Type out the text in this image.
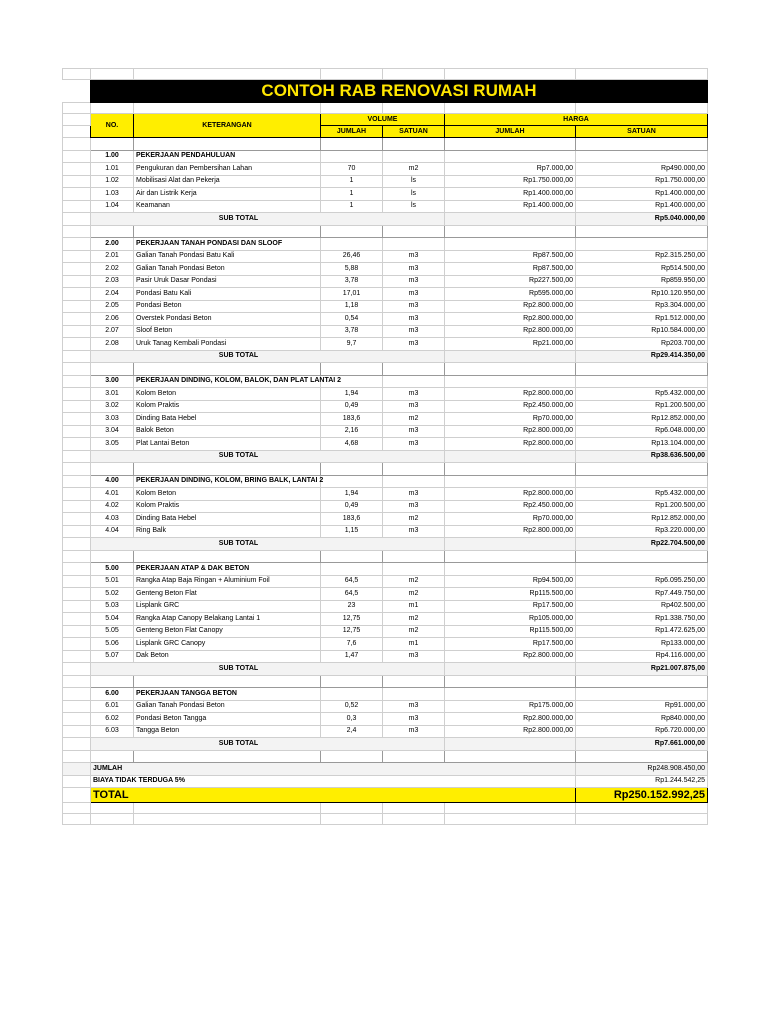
	CONTOH RAB RENOVASI RUMAH					

	NO.	KETERANGAN	VOLUME		HARGA	
			JUMLAH	SATUAN	JUMLAH	SATUAN

	1.00	PEKERJAAN PENDAHULUAN				
	1.01	Pengukuran dan Pembersihan Lahan	70	m2	Rp7.000,00	Rp490.000,00
	1.02	Mobilisasi Alat dan Pekerja	1	ls	Rp1.750.000,00	Rp1.750.000,00
	1.03	Air dan Listrik Kerja	1	ls	Rp1.400.000,00	Rp1.400.000,00
	1.04	Keamanan	1	ls	Rp1.400.000,00	Rp1.400.000,00
	SUB TOTAL					Rp5.040.000,00

	2.00	PEKERJAAN TANAH PONDASI DAN SLOOF				
	2.01	Galian Tanah Pondasi Batu Kali	26,46	m3	Rp87.500,00	Rp2.315.250,00
	2.02	Galian Tanah Pondasi Beton	5,88	m3	Rp87.500,00	Rp514.500,00
	2.03	Pasir Uruk Dasar Pondasi	3,78	m3	Rp227.500,00	Rp859.950,00
	2.04	Pondasi Batu Kali	17,01	m3	Rp595.000,00	Rp10.120.950,00
	2.05	Pondasi Beton	1,18	m3	Rp2.800.000,00	Rp3.304.000,00
	2.06	Overstek Pondasi Beton	0,54	m3	Rp2.800.000,00	Rp1.512.000,00
	2.07	Sloof Beton	3,78	m3	Rp2.800.000,00	Rp10.584.000,00
	2.08	Uruk Tanag Kembali Pondasi	9,7	m3	Rp21.000,00	Rp203.700,00
	SUB TOTAL					Rp29.414.350,00

	3.00	PEKERJAAN DINDING, KOLOM, BALOK, DAN PLAT LANTAI 2				
	3.01	Kolom Beton	1,94	m3	Rp2.800.000,00	Rp5.432.000,00
	3.02	Kolom Praktis	0,49	m3	Rp2.450.000,00	Rp1.200.500,00
	3.03	Dinding Bata Hebel	183,6	m2	Rp70.000,00	Rp12.852.000,00
	3.04	Balok Beton	2,16	m3	Rp2.800.000,00	Rp6.048.000,00
	3.05	Plat Lantai Beton	4,68	m3	Rp2.800.000,00	Rp13.104.000,00
	SUB TOTAL					Rp38.636.500,00

	4.00	PEKERJAAN DINDING, KOLOM, BRING BALK, LANTAI 2				
	4.01	Kolom Beton	1,94	m3	Rp2.800.000,00	Rp5.432.000,00
	4.02	Kolom Praktis	0,49	m3	Rp2.450.000,00	Rp1.200.500,00
	4.03	Dinding Bata Hebel	183,6	m2	Rp70.000,00	Rp12.852.000,00
	4.04	Ring Balk	1,15	m3	Rp2.800.000,00	Rp3.220.000,00
	SUB TOTAL					Rp22.704.500,00

	5.00	PEKERJAAN ATAP & DAK BETON				
	5.01	Rangka Atap Baja Ringan + Aluminium Foil	64,5	m2	Rp94.500,00	Rp6.095.250,00
	5.02	Genteng Beton Flat	64,5	m2	Rp115.500,00	Rp7.449.750,00
	5.03	Lisplank GRC	23	m1	Rp17.500,00	Rp402.500,00
	5.04	Rangka Atap Canopy Belakang Lantai 1	12,75	m2	Rp105.000,00	Rp1.338.750,00
	5.05	Genteng Beton Flat Canopy	12,75	m2	Rp115.500,00	Rp1.472.625,00
	5.06	Lisplank GRC Canopy	7,6	m1	Rp17.500,00	Rp133.000,00
	5.07	Dak Beton	1,47	m3	Rp2.800.000,00	Rp4.116.000,00
	SUB TOTAL					Rp21.007.875,00

	6.00	PEKERJAAN TANGGA BETON				
	6.01	Galian Tanah Pondasi Beton	0,52	m3	Rp175.000,00	Rp91.000,00
	6.02	Pondasi Beton Tangga	0,3	m3	Rp2.800.000,00	Rp840.000,00
	6.03	Tangga Beton	2,4	m3	Rp2.800.000,00	Rp6.720.000,00
	SUB TOTAL					Rp7.661.000,00

	JUMLAH					Rp248.908.450,00
	BIAYA TIDAK TERDUGA 5%					Rp1.244.542,25
	TOTAL					Rp250.152.992,25
